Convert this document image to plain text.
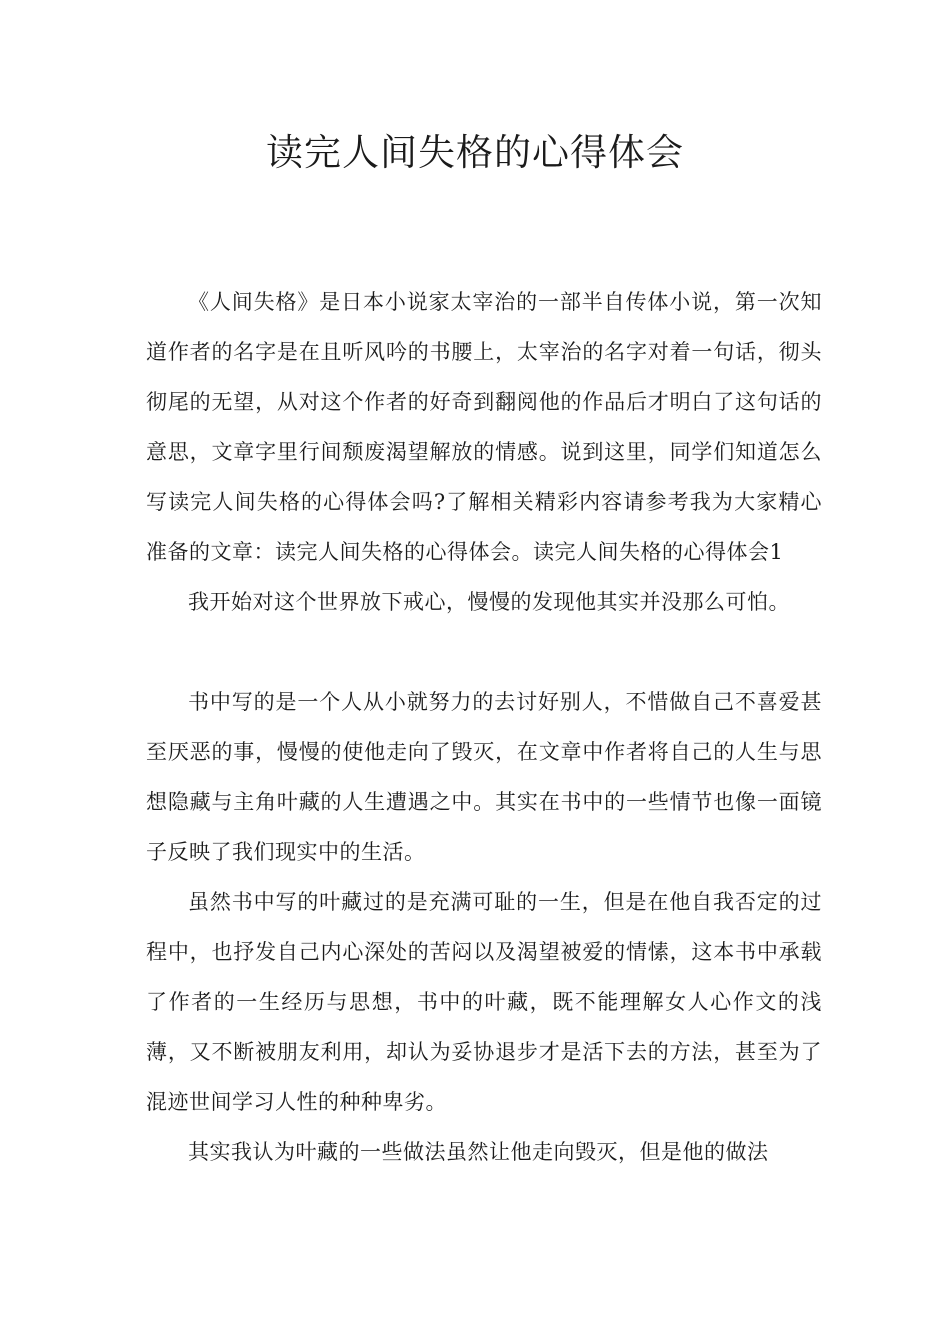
读完人间失格的心得体会

《人间失格》是日本小说家太宰治的一部半自传体小说，第一次知道作者的名字是在且听风吟的书腰上，太宰治的名字对着一句话，彻头彻尾的无望，从对这个作者的好奇到翻阅他的作品后才明白了这句话的意思，文章字里行间颓废渴望解放的情感。说到这里，同学们知道怎么写读完人间失格的心得体会吗?了解相关精彩内容请参考我为大家精心准备的文章：读完人间失格的心得体会。读完人间失格的心得体会1

我开始对这个世界放下戒心，慢慢的发现他其实并没那么可怕。

书中写的是一个人从小就努力的去讨好别人，不惜做自己不喜爱甚至厌恶的事，慢慢的使他走向了毁灭，在文章中作者将自己的人生与思想隐藏与主角叶藏的人生遭遇之中。其实在书中的一些情节也像一面镜子反映了我们现实中的生活。

虽然书中写的叶藏过的是充满可耻的一生，但是在他自我否定的过程中，也抒发自己内心深处的苦闷以及渴望被爱的情愫，这本书中承载了作者的一生经历与思想，书中的叶藏，既不能理解女人心作文的浅薄，又不断被朋友利用，却认为妥协退步才是活下去的方法，甚至为了混迹世间学习人性的种种卑劣。

其实我认为叶藏的一些做法虽然让他走向毁灭，但是他的做法
